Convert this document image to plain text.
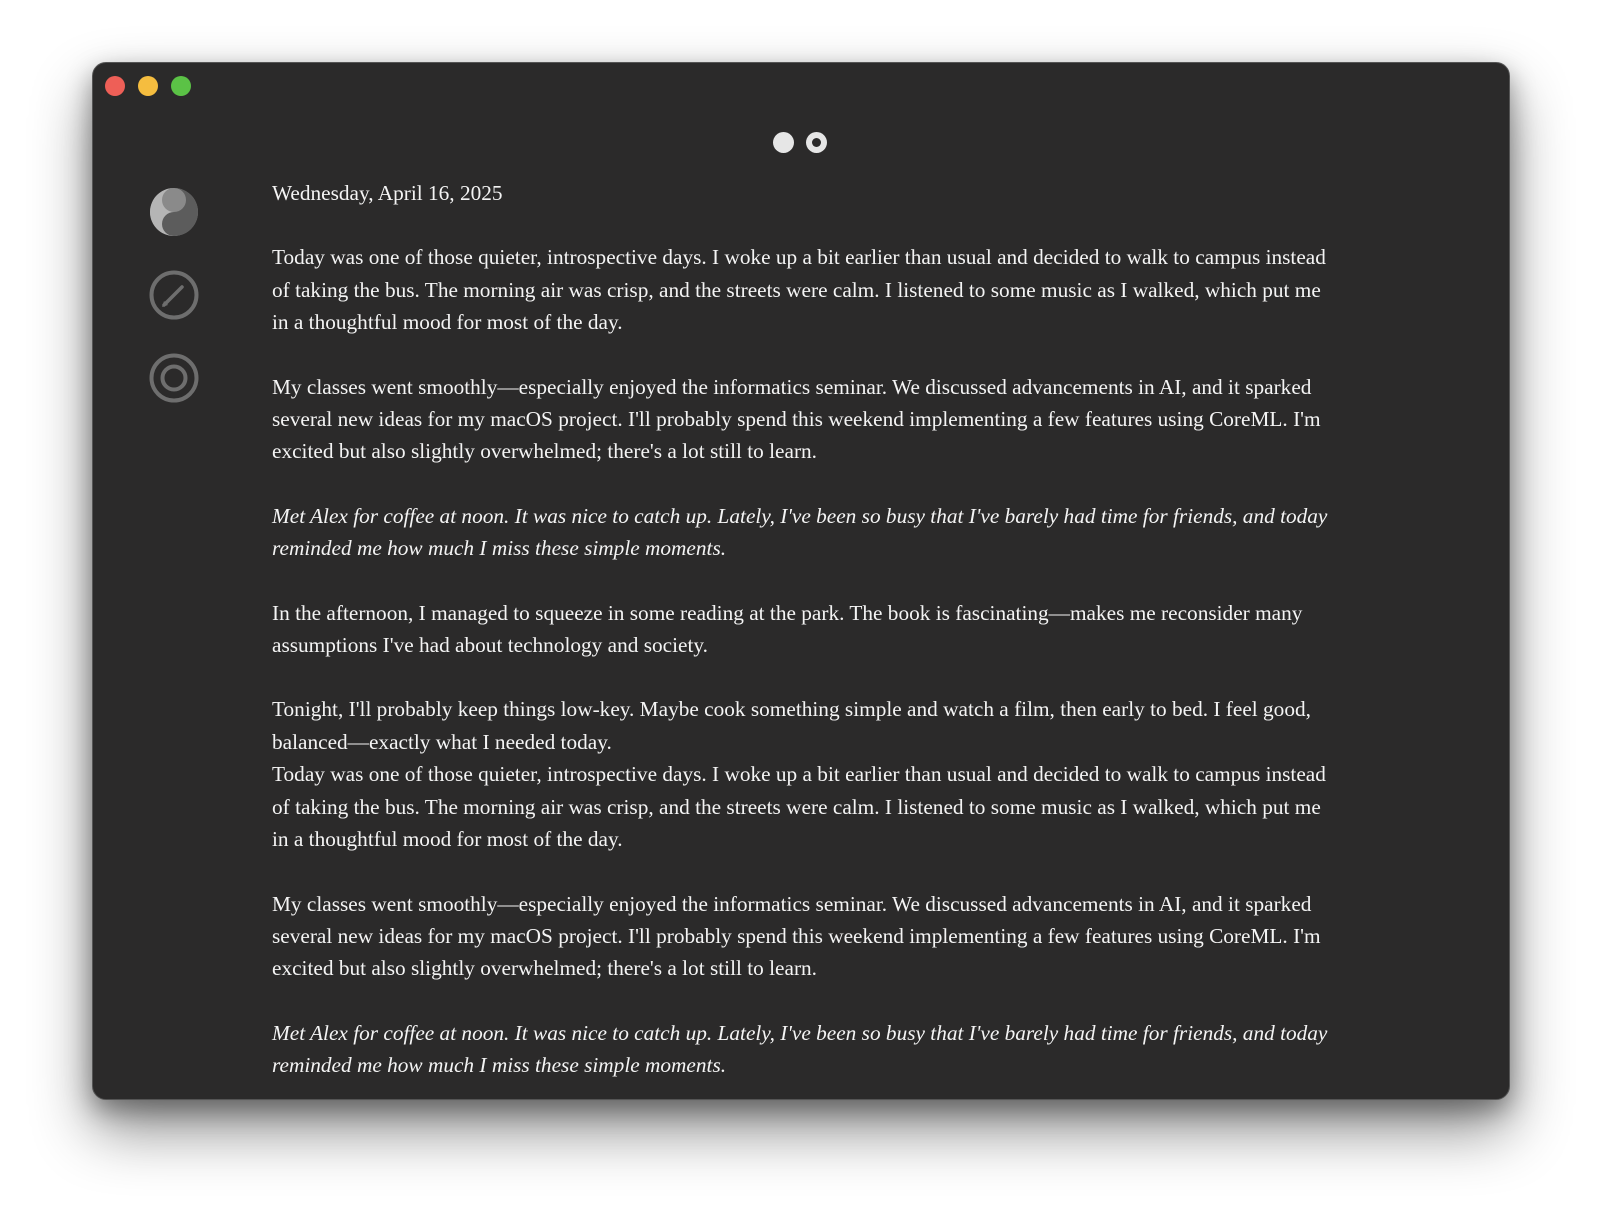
Wednesday, April 16, 2025

Today was one of those quieter, introspective days. I woke up a bit earlier than usual and decided to walk to campus instead of taking the bus. The morning air was crisp, and the streets were calm. I listened to some music as I walked, which put me in a thoughtful mood for most of the day.

My classes went smoothly—especially enjoyed the informatics seminar. We discussed advancements in AI, and it sparked several new ideas for my macOS project. I'll probably spend this weekend implementing a few features using CoreML. I'm excited but also slightly overwhelmed; there's a lot still to learn.

Met Alex for coffee at noon. It was nice to catch up. Lately, I've been so busy that I've barely had time for friends, and today reminded me how much I miss these simple moments.

In the afternoon, I managed to squeeze in some reading at the park. The book is fascinating—makes me reconsider many assumptions I've had about technology and society.

Tonight, I'll probably keep things low-key. Maybe cook something simple and watch a film, then early to bed. I feel good, balanced—exactly what I needed today.

Today was one of those quieter, introspective days. I woke up a bit earlier than usual and decided to walk to campus instead of taking the bus. The morning air was crisp, and the streets were calm. I listened to some music as I walked, which put me in a thoughtful mood for most of the day.

My classes went smoothly—especially enjoyed the informatics seminar. We discussed advancements in AI, and it sparked several new ideas for my macOS project. I'll probably spend this weekend implementing a few features using CoreML. I'm excited but also slightly overwhelmed; there's a lot still to learn.

Met Alex for coffee at noon. It was nice to catch up. Lately, I've been so busy that I've barely had time for friends, and today reminded me how much I miss these simple moments.
